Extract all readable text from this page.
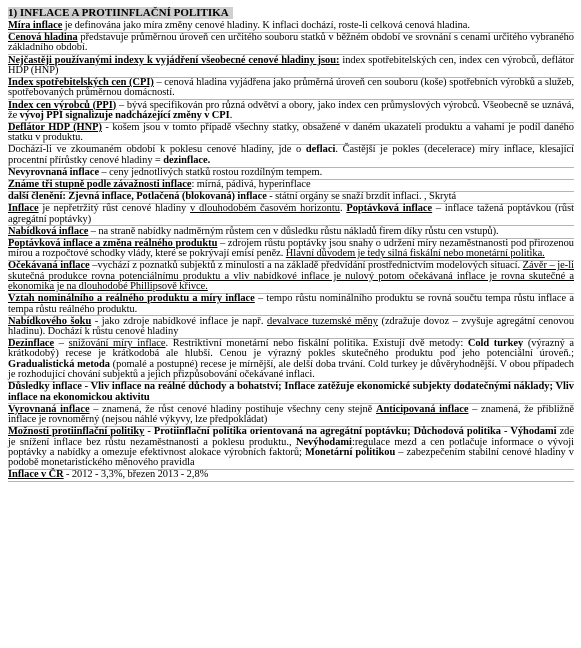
1) INFLACE A PROTIINFLAČNÍ POLITIKA

Míra inflace je definována jako míra změny cenové hladiny. K inflaci dochází, roste-li celková cenová hladina.

Cenová hladina představuje průměrnou úroveň cen určitého souboru statků v běžném období ve srovnání s cenami určitého vybraného základního období.

Nejčastěji používanými indexy k vyjádření všeobecné cenové hladiny jsou: index spotřebitelských cen, index cen výrobců, deflátor HDP (HNP)

Index spotřebitelských cen (CPI) – cenová hladina vyjádřena jako průměrná úroveň cen souboru (koše) spotřebních výrobků a služeb, spotřebovaných průměrnou domácností.

Index cen výrobců (PPI) – bývá specifikován pro různá odvětví a obory, jako index cen průmyslových výrobců. Všeobecně se uznává, že vývoj PPI signalizuje nadcházející změny v CPI.

Deflátor HDP (HNP) - košem jsou v tomto případě všechny statky, obsažené v daném ukazateli produktu a vahami je podíl daného statku v produktu.

Dochází-li ve zkoumaném období k poklesu cenové hladiny, jde o deflaci. Častější je pokles (decelerace) míry inflace, klesající procentní přírůstky cenové hladiny = dezinflace.

Nevyrovnaná inflace – ceny jednotlivých statků rostou rozdílným tempem.

Známe tři stupně podle závažnosti inflace: mírná, pádivá, hyperinflace

další členění: Zjevná inflace, Potlačená (blokovaná) inflace - státní orgány se snaží brzdit inflaci. , Skrytá

Inflace je nepřetržitý růst cenové hladiny v dlouhodobém časovém horizontu. Poptávková inflace – inflace tažená poptávkou (růst agregátní poptávky)

Nabídková inflace – na straně nabídky nadměrným růstem cen v důsledku růstu nákladů firem díky růstu cen vstupů).

Poptávková inflace a změna reálného produktu – zdrojem růstu poptávky jsou snahy o udržení míry nezaměstnanosti pod přirozenou mírou a rozpočtové schodky vlády, které se pokrývají emisí peněz. Hlavní důvodem je tedy silná fiskální nebo monetární politika.

Očekávaná inflace –vychází z poznatků subjektů z minulosti a na základě předvídání prostřednictvím modelových situací. Závěr – je-li skutečná produkce rovna potenciálnímu produktu a vliv nabídkové inflace je nulový potom očekávaná inflace je rovna skutečné a ekonomika je na dlouhodobé Phillipsově křivce.

Vztah nominálního a reálného produktu a míry inflace – tempo růstu nominálního produktu se rovná součtu tempa růstu inflace a tempa růstu reálného produktu.

Nabídkového šoku - jako zdroje nabídkové inflace je např. devalvace tuzemské měny (zdražuje dovoz – zvyšuje agregátní cenovou hladinu). Dochází k růstu cenové hladiny

Dezinflace – snižování míry inflace. Restriktivní monetární nebo fiskální politika. Existují dvě metody: Cold turkey (výrazný a krátkodobý) recese je krátkodobá ale hlubší. Cenou je výrazný pokles skutečného produktu pod jeho potenciální úroveň.; Gradualistická metoda (pomalé a postupné) recese je mírnější, ale delší doba trvání. Cold turkey je důvěryhodnější. V obou případech je rozhodující chování subjektů a jejich přizpůsobování očekávané inflaci.

Důsledky inflace - Vliv inflace na reálné důchody a bohatství; Inflace zatěžuje ekonomické subjekty dodatečnými náklady; Vliv inflace na ekonomickou aktivitu

Vyrovnaná inflace – znamená, že růst cenové hladiny postihuje všechny ceny stejně Anticipovaná inflace – znamená, že přibližně inflace je rovnoměrný (nejsou náhlé výkyvy, lze předpokládat)

Možnosti protiinflační politiky - Protiinflační politika orientovaná na agregátní poptávku; Důchodová politika - Výhodami zde je snížení inflace bez růstu nezaměstnanosti a poklesu produktu., Nevýhodami:regulace mezd a cen potlačuje informace o vývoji poptávky a nabídky a omezuje efektivnost alokace výrobních faktorů; Monetární politikou – zabezpečením stabilní cenové hladiny v podobě monetaristického měnového pravidla

Inflace v ČR - 2012 - 3,3%, březen 2013 - 2,8%
